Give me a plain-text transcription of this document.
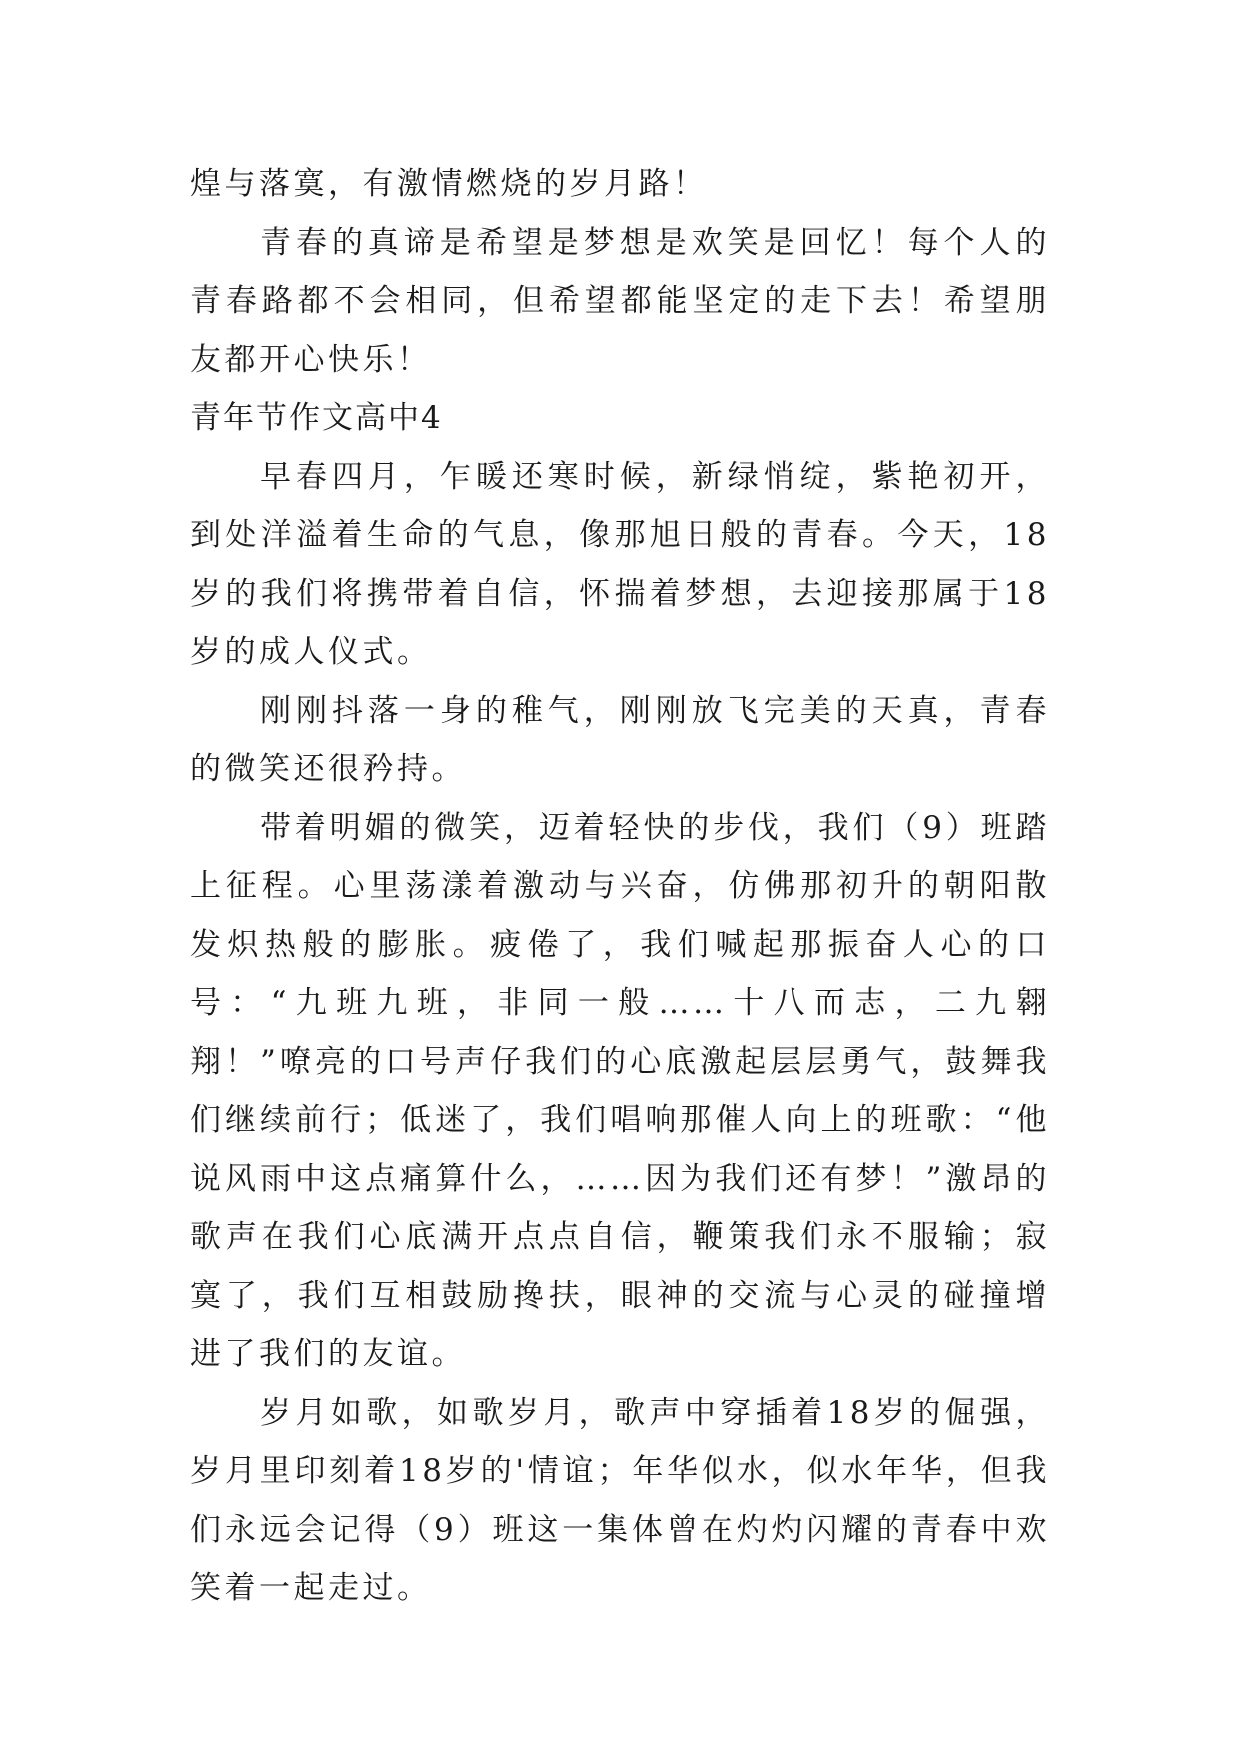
煌与落寞，有激情燃烧的岁月路！

青春的真谛是希望是梦想是欢笑是回忆！每个人的青春路都不会相同，但希望都能坚定的走下去！希望朋友都开心快乐！

青年节作文高中4

早春四月，乍暖还寒时候，新绿悄绽，紫艳初开，到处洋溢着生命的气息，像那旭日般的青春。今天，18岁的我们将携带着自信，怀揣着梦想，去迎接那属于18岁的成人仪式。

刚刚抖落一身的稚气，刚刚放飞完美的天真，青春的微笑还很矜持。

带着明媚的微笑，迈着轻快的步伐，我们（9）班踏上征程。心里荡漾着激动与兴奋，仿佛那初升的朝阳散发炽热般的膨胀。疲倦了，我们喊起那振奋人心的口号：“九班九班，非同一般……十八而志，二九翱翔！”嘹亮的口号声仔我们的心底激起层层勇气，鼓舞我们继续前行；低迷了，我们唱响那催人向上的班歌：“他说风雨中这点痛算什么，……因为我们还有梦！”激昂的歌声在我们心底满开点点自信，鞭策我们永不服输；寂寞了，我们互相鼓励搀扶，眼神的交流与心灵的碰撞增进了我们的友谊。

岁月如歌，如歌岁月，歌声中穿插着18岁的倔强，岁月里印刻着18岁的'情谊；年华似水，似水年华，但我们永远会记得（9）班这一集体曾在灼灼闪耀的青春中欢笑着一起走过。
